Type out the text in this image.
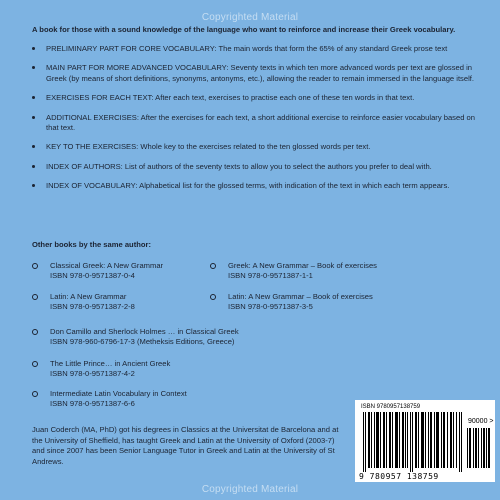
Copyrighted Material
A book for those with a sound knowledge of the language who want to reinforce and increase their Greek vocabulary.
PRELIMINARY PART FOR CORE VOCABULARY: The main words that form the 65% of any standard Greek prose text
MAIN PART FOR MORE ADVANCED VOCABULARY: Seventy texts in which ten more advanced words per text are glossed in Greek (by means of short definitions, synonyms, antonyms, etc.), allowing the reader to remain immersed in the language itself.
EXERCISES FOR EACH TEXT: After each text, exercises to practise each one of these ten words in that text.
ADDITIONAL EXERCISES: After the exercises for each text, a short additional exercise to reinforce easier vocabulary based on that text.
KEY TO THE EXERCISES: Whole key to the exercises related to the ten glossed words per text.
INDEX OF AUTHORS: List of authors of the seventy texts to allow you to select the authors you prefer to deal with.
INDEX OF VOCABULARY: Alphabetical list for the glossed terms, with indication of the text in which each term appears.
Other books by the same author:
Classical Greek: A New Grammar
ISBN 978-0-9571387-0-4
Greek: A New Grammar – Book of exercises
ISBN 978-0-9571387-1-1
Latin: A New Grammar
ISBN 978-0-9571387-2-8
Latin: A New Grammar – Book of exercises
ISBN 978-0-9571387-3-5
Don Camillo and Sherlock Holmes … in Classical Greek
ISBN 978-960-6796-17-3 (Metheksis Editions, Greece)
The Little Prince… in Ancient Greek
ISBN 978-0-9571387-4-2
Intermediate Latin Vocabulary in Context
ISBN 978-0-9571387-6-6
Juan Coderch (MA, PhD) got his degrees in Classics at the Universitat de Barcelona and at the University of Sheffield, has taught Greek and Latin at the University of Oxford (2003-7) and since 2007 has been Senior Language Tutor in Greek and Latin at the University of St Andrews.
ISBN 9780957138759
90000 >
9 780957 138759
Copyrighted Material
